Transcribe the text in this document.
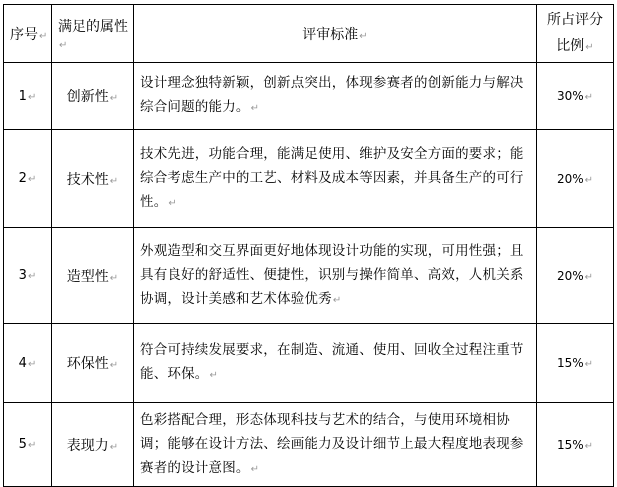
序号 ↵	满足的属性 ↵	评审标准 ↵	所占评分
比例 ↵

1 ↵	创新性 ↵	设计理念独特新颖，创新点突出，体现参赛者的创新能力与解决综合问题的能力。 ↵	30% ↵
2 ↵	技术性 ↵	技术先进，功能合理，能满足使用、维护及安全方面的要求；能综合考虑生产中的工艺、材料及成本等因素，并具备生产的可行性。 ↵	20% ↵
3 ↵	造型性 ↵	外观造型和交互界面更好地体现设计功能的实现，可用性强；且具有良好的舒适性、便捷性，识别与操作简单、高效，人机关系协调，设计美感和艺术体验优秀 ↵	20% ↵
4 ↵	环保性 ↵	符合可持续发展要求，在制造、流通、使用、回收全过程注重节能、环保。 ↵	15% ↵
5 ↵	表现力 ↵	色彩搭配合理，形态体现科技与艺术的结合，与使用环境相协调；能够在设计方法、绘画能力及设计细节上最大程度地表现参赛者的设计意图。 ↵	15% ↵
